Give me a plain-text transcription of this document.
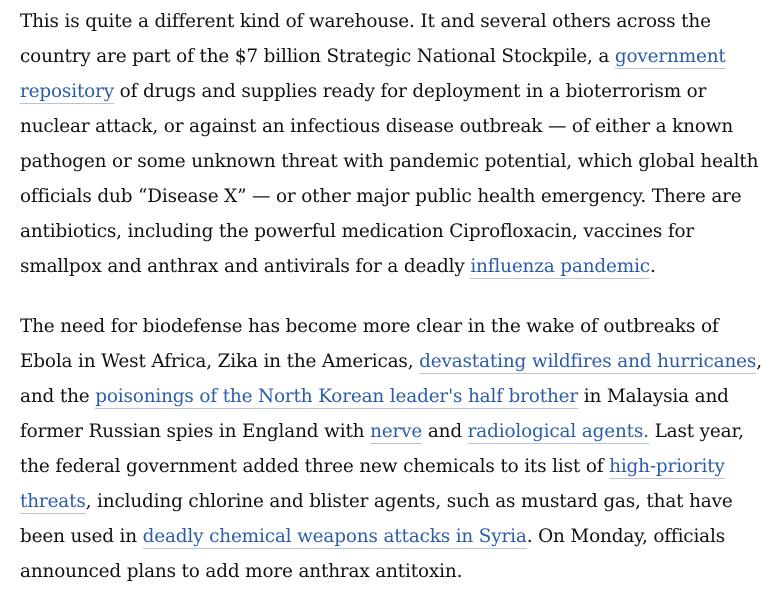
This is quite a different kind of warehouse. It and several others across the
country are part of the $7 billion Strategic National Stockpile, a government
repository of drugs and supplies ready for deployment in a bioterrorism or
nuclear attack, or against an infectious disease outbreak — of either a known
pathogen or some unknown threat with pandemic potential, which global health
officials dub “Disease X” — or other major public health emergency. There are
antibiotics, including the powerful medication Ciprofloxacin, vaccines for
smallpox and anthrax and antivirals for a deadly influenza pandemic.

The need for biodefense has become more clear in the wake of outbreaks of
Ebola in West Africa, Zika in the Americas, devastating wildfires and hurricanes,
and the poisonings of the North Korean leader's half brother in Malaysia and
former Russian spies in England with nerve and radiological agents. Last year,
the federal government added three new chemicals to its list of high-priority
threats, including chlorine and blister agents, such as mustard gas, that have
been used in deadly chemical weapons attacks in Syria. On Monday, officials
announced plans to add more anthrax antitoxin.
